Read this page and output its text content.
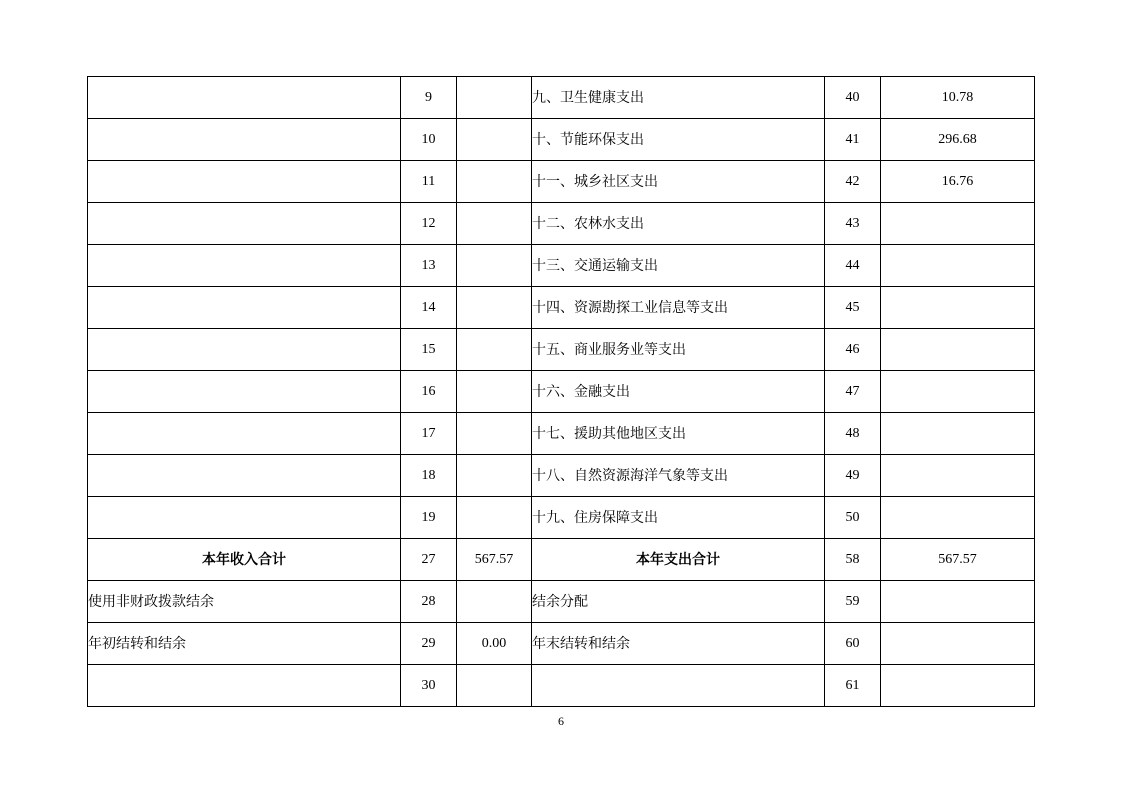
	9		九、卫生健康支出	40	10.78
	10		十、节能环保支出	41	296.68
	11		十一、城乡社区支出	42	16.76
	12		十二、农林水支出	43	
	13		十三、交通运输支出	44	
	14		十四、资源勘探工业信息等支出	45	
	15		十五、商业服务业等支出	46	
	16		十六、金融支出	47	
	17		十七、援助其他地区支出	48	
	18		十八、自然资源海洋气象等支出	49	
	19		十九、住房保障支出	50	
本年收入合计	27	567.57	本年支出合计	58	567.57
使用非财政拨款结余	28		结余分配	59	
年初结转和结余	29	0.00	年末结转和结余	60	
	30			61	
6
